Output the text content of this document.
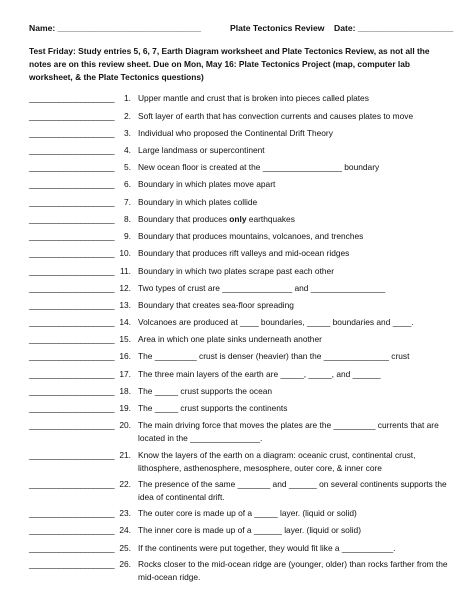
Name: ______________________________	Plate Tectonics Review Date: ____________________
Test Friday: Study entries 5, 6, 7, Earth Diagram worksheet and Plate Tectonics Review, as not all the notes are on this review sheet. Due on Mon, May 16: Plate Tectonics Project (map, computer lab worksheet, & the Plate Tectonics questions)
____________________	1. Upper mantle and crust that is broken into pieces called plates
____________________	2. Soft layer of earth that has convection currents and causes plates to move
____________________	3. Individual who proposed the Continental Drift Theory
____________________	4. Large landmass or supercontinent
____________________	5. New ocean floor is created at the _________________ boundary
____________________	6. Boundary in which plates move apart
____________________	7. Boundary in which plates collide
____________________	8. Boundary that produces only earthquakes
____________________	9. Boundary that produces mountains, volcanoes, and trenches
____________________ 10. Boundary that produces rift valleys and mid-ocean ridges
____________________ 11. Boundary in which two plates scrape past each other
____________________ 12. Two types of crust are _______________ and ________________
____________________ 13. Boundary that creates sea-floor spreading
____________________ 14. Volcanoes are produced at ____ boundaries, _____ boundaries and ____.
____________________ 15. Area in which one plate sinks underneath another
____________________ 16. The _________ crust is denser (heavier) than the ______________ crust
____________________ 17. The three main layers of the earth are _____, _____, and ______
____________________ 18. The _____ crust supports the ocean
____________________ 19. The _____ crust supports the continents
____________________ 20. The main driving force that moves the plates are the _________ currents that are located in the _______________.
____________________ 21. Know the layers of the earth on a diagram: oceanic crust, continental crust, lithosphere, asthenosphere, mesosphere, outer core, & inner core
____________________ 22. The presence of the same _______ and ______ on several continents supports the idea of continental drift.
____________________ 23. The outer core is made up of a _____ layer. (liquid or solid)
____________________ 24. The inner core is made up of a ______ layer. (liquid or solid)
____________________ 25. If the continents were put together, they would fit like a ___________.
____________________ 26. Rocks closer to the mid-ocean ridge are (younger, older) than rocks farther from the mid-ocean ridge.
